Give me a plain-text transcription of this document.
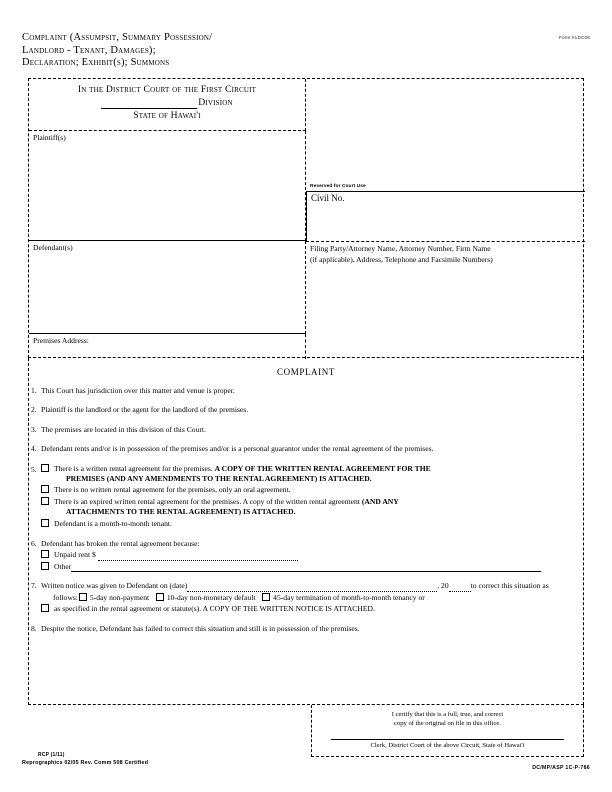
Complaint (Assumpsit, Summary Possession/
Landlord - Tenant, Damages);
Declaration; Exhibit(s); Summons
Form #1DC08
In the District Court of the First Circuit
Division
State of Hawai'i
Plaintiff(s)
Defendant(s)
Premises Address:
Reserved for Court Use
Civil No.
Filing Party/Attorney Name, Attorney Number, Firm Name
(if applicable), Address, Telephone and Facsimile Numbers)
COMPLAINT
1. This Court has jurisdiction over this matter and venue is proper.
2. Plaintiff is the landlord or the agent for the landlord of the premises.
3. The premises are located in this division of this Court.
4. Defendant rents and/or is in possession of the premises and/or is a personal guarantor under the rental agreement of the premises.
5. There is a written rental agreement for the premises. A COPY OF THE WRITTEN RENTAL AGREEMENT FOR THE
PREMISES (AND ANY AMENDMENTS TO THE RENTAL AGREEMENT) IS ATTACHED.
There is no written rental agreement for the premises, only an oral agreement.
There is an expired written rental agreement for the premises. A copy of the written rental agreement (AND ANY
ATTACHMENTS TO THE RENTAL AGREEMENT) IS ATTACHED.
Defendant is a month-to-month tenant.
6. Defendant has broken the rental agreement because:
Unpaid rent $
Other
7. Written notice was given to Defendant on (date)	, 20	to correct this situation as
follows: 5-day non-payment 10-day non-monetary default 45-day termination of month-to-month tenancy or
as specified in the rental agreement or statute(s). A COPY OF THE WRITTEN NOTICE IS ATTACHED.
8. Despite the notice, Defendant has failed to correct this situation and still is in possession of the premises.
I certify that this is a full, true, and correct
copy of the original on file in this office.
Clerk, District Court of the above Circuit, State of Hawai'i
RCP (1/11)
Reprographics 02/05 Rev. Comm 508 Certified
DC/MP/ASP 1C-P-786
